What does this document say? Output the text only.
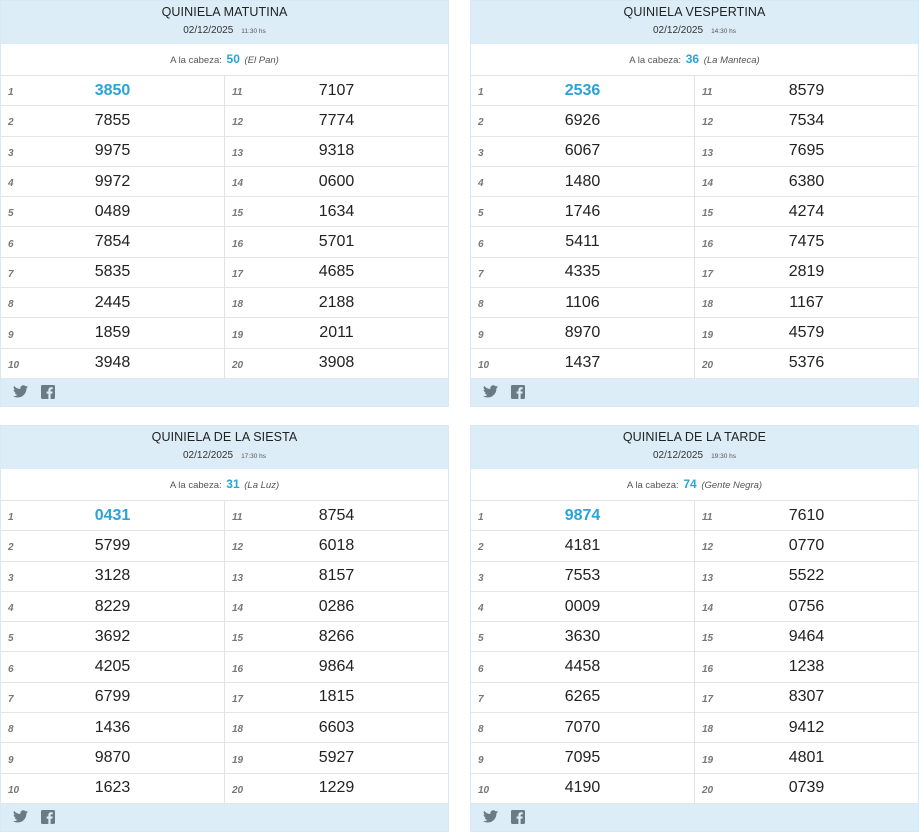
QUINIELA MATUTINA
02/12/2025 11:30 hs
A la cabeza: 50 (El Pan)
1	3850
2	7855
3	9975
4	9972
5	0489
6	7854
7	5835
8	2445
9	1859
10	3948
11	7107
12	7774
13	9318
14	0600
15	1634
16	5701
17	4685
18	2188
19	2011
20	3908
QUINIELA VESPERTINA
02/12/2025 14:30 hs
A la cabeza: 36 (La Manteca)
1	2536
2	6926
3	6067
4	1480
5	1746
6	5411
7	4335
8	1106
9	8970
10	1437
11	8579
12	7534
13	7695
14	6380
15	4274
16	7475
17	2819
18	1167
19	4579
20	5376
QUINIELA DE LA SIESTA
02/12/2025 17:30 hs
A la cabeza: 31 (La Luz)
1	0431
2	5799
3	3128
4	8229
5	3692
6	4205
7	6799
8	1436
9	9870
10	1623
11	8754
12	6018
13	8157
14	0286
15	8266
16	9864
17	1815
18	6603
19	5927
20	1229
QUINIELA DE LA TARDE
02/12/2025 19:30 hs
A la cabeza: 74 (Gente Negra)
1	9874
2	4181
3	7553
4	0009
5	3630
6	4458
7	6265
8	7070
9	7095
10	4190
11	7610
12	0770
13	5522
14	0756
15	9464
16	1238
17	8307
18	9412
19	4801
20	0739
